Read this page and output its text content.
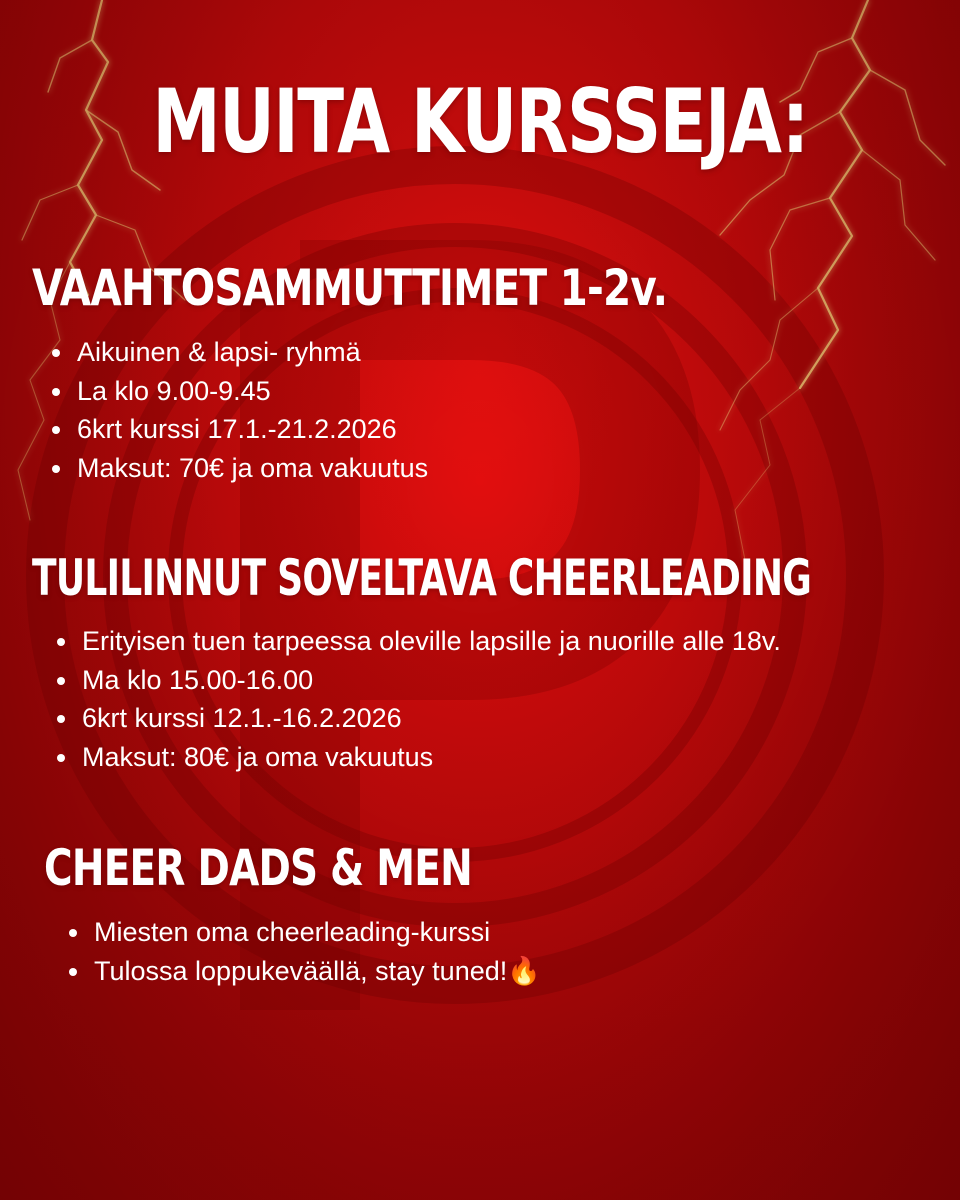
MUITA KURSSEJA:
VAAHTOSAMMUTTIMET 1-2v.
Aikuinen & lapsi- ryhmä
La klo 9.00-9.45
6krt kurssi 17.1.-21.2.2026
Maksut: 70€ ja oma vakuutus
TULILINNUT SOVELTAVA CHEERLEADING
Erityisen tuen tarpeessa oleville lapsille ja nuorille alle 18v.
Ma klo 15.00-16.00
6krt kurssi 12.1.-16.2.2026
Maksut: 80€ ja oma vakuutus
CHEER DADS & MEN
Miesten oma cheerleading-kurssi
Tulossa loppukeväällä, stay tuned!🔥
